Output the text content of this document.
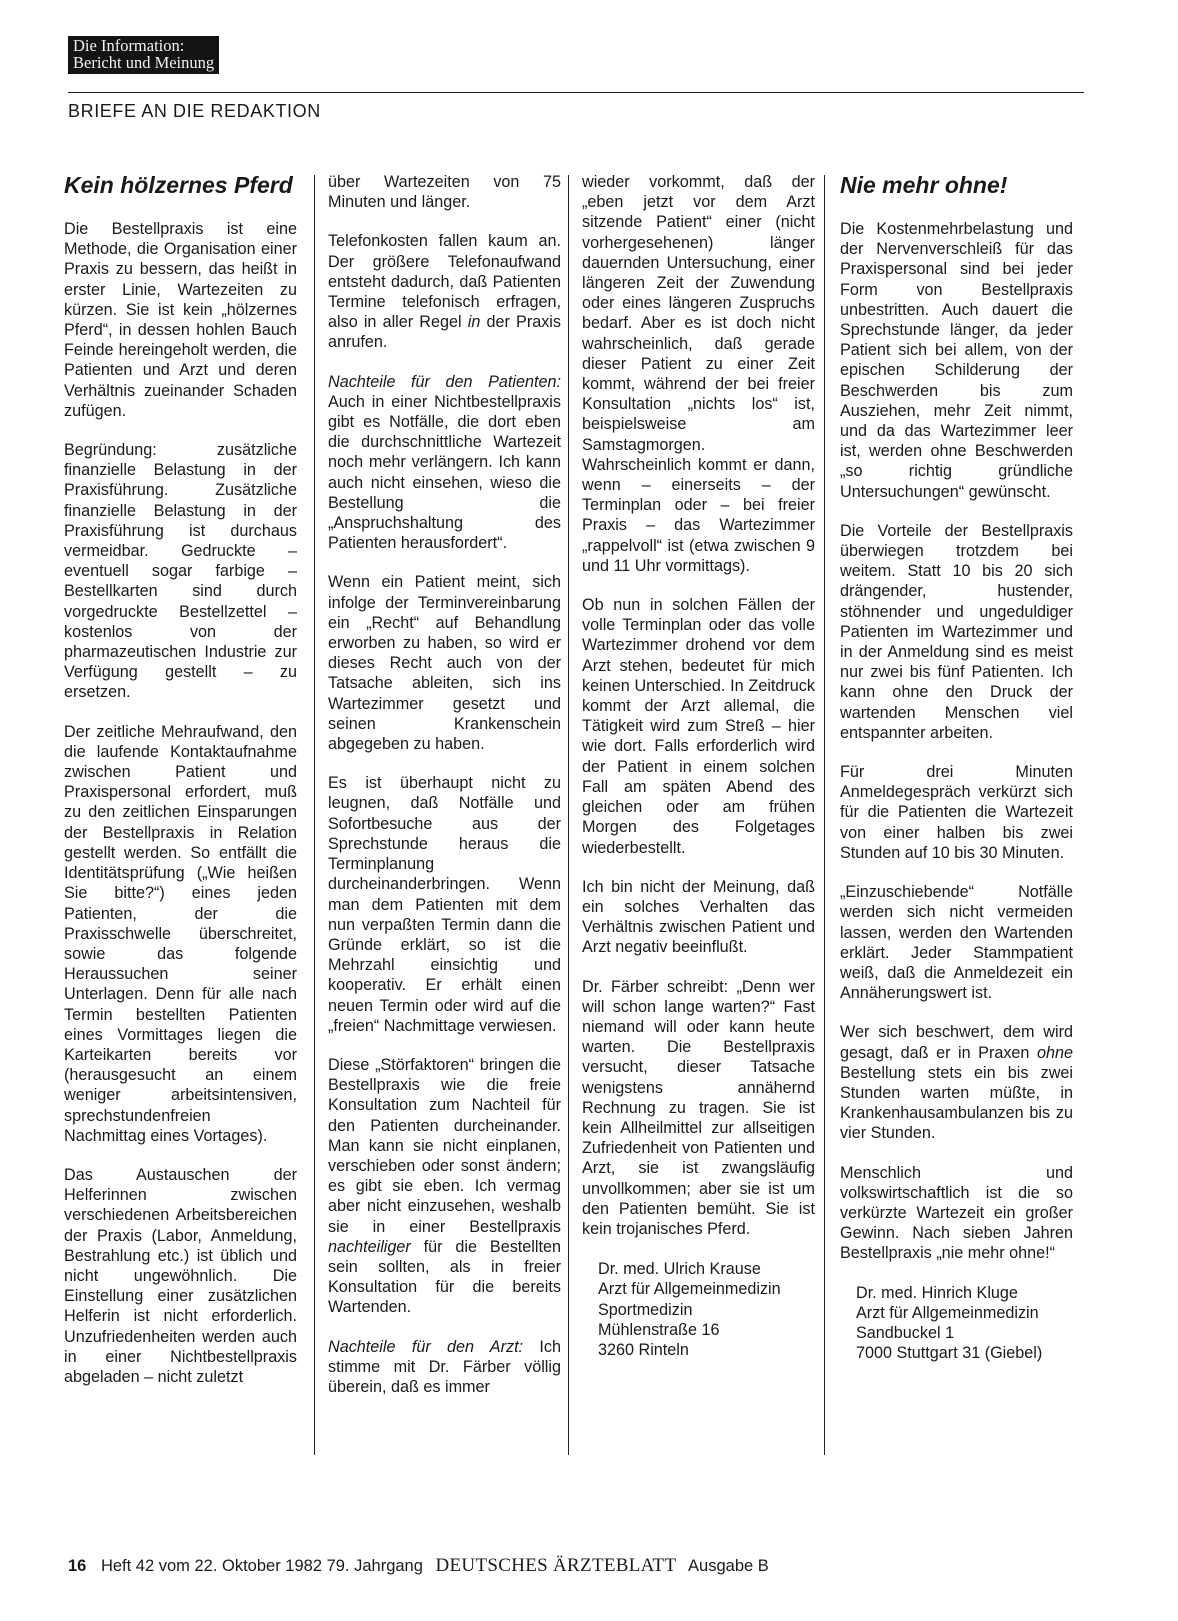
Die Information:
Bericht und Meinung
BRIEFE AN DIE REDAKTION
Kein hölzernes Pferd

Die Bestellpraxis ist eine Methode, die Organisation einer Praxis zu bessern, das heißt in erster Linie, Wartezeiten zu kürzen. Sie ist kein „hölzernes Pferd“, in dessen hohlen Bauch Feinde hereingeholt werden, die Patienten und Arzt und deren Verhältnis zueinander Schaden zufügen.

Begründung: zusätzliche finanzielle Belastung in der Praxisführung. Zusätzliche finanzielle Belastung in der Praxisführung ist durchaus vermeidbar. Gedruckte – eventuell sogar farbige – Bestellkarten sind durch vorgedruckte Bestellzettel – kostenlos von der pharmazeutischen Industrie zur Verfügung gestellt – zu ersetzen.

Der zeitliche Mehraufwand, den die laufende Kontaktaufnahme zwischen Patient und Praxispersonal erfordert, muß zu den zeitlichen Einsparungen der Bestellpraxis in Relation gestellt werden. So entfällt die Identitätsprüfung („Wie heißen Sie bitte?“) eines jeden Patienten, der die Praxisschwelle überschreitet, sowie das folgende Heraussuchen seiner Unterlagen. Denn für alle nach Termin bestellten Patienten eines Vormittages liegen die Karteikarten bereits vor (herausgesucht an einem weniger arbeitsintensiven, sprechstundenfreien Nachmittag eines Vortages).

Das Austauschen der Helferinnen zwischen verschiedenen Arbeitsbereichen der Praxis (Labor, Anmeldung, Bestrahlung etc.) ist üblich und nicht ungewöhnlich. Die Einstellung einer zusätzlichen Helferin ist nicht erforderlich. Unzufriedenheiten werden auch in einer Nichtbestellpraxis abgeladen – nicht zuletzt

über Wartezeiten von 75 Minuten und länger.

Telefonkosten fallen kaum an. Der größere Telefonaufwand entsteht dadurch, daß Patienten Termine telefonisch erfragen, also in aller Regel in der Praxis anrufen.

Nachteile für den Patienten: Auch in einer Nichtbestellpraxis gibt es Notfälle, die dort eben die durchschnittliche Wartezeit noch mehr verlängern. Ich kann auch nicht einsehen, wieso die Bestellung die „Anspruchshaltung des Patienten herausfordert“.

Wenn ein Patient meint, sich infolge der Terminvereinbarung ein „Recht“ auf Behandlung erworben zu haben, so wird er dieses Recht auch von der Tatsache ableiten, sich ins Wartezimmer gesetzt und seinen Krankenschein abgegeben zu haben.

Es ist überhaupt nicht zu leugnen, daß Notfälle und Sofortbesuche aus der Sprechstunde heraus die Terminplanung durcheinanderbringen. Wenn man dem Patienten mit dem nun verpaßten Termin dann die Gründe erklärt, so ist die Mehrzahl einsichtig und kooperativ. Er erhält einen neuen Termin oder wird auf die „freien“ Nachmittage verwiesen.

Diese „Störfaktoren“ bringen die Bestellpraxis wie die freie Konsultation zum Nachteil für den Patienten durcheinander. Man kann sie nicht einplanen, verschieben oder sonst ändern; es gibt sie eben. Ich vermag aber nicht einzusehen, weshalb sie in einer Bestellpraxis nachteiliger für die Bestellten sein sollten, als in freier Konsultation für die bereits Wartenden.

Nachteile für den Arzt: Ich stimme mit Dr. Färber völlig überein, daß es immer

wieder vorkommt, daß der „eben jetzt vor dem Arzt sitzende Patient“ einer (nicht vorhergesehenen) länger dauernden Untersuchung, einer längeren Zeit der Zuwendung oder eines längeren Zuspruchs bedarf. Aber es ist doch nicht wahrscheinlich, daß gerade dieser Patient zu einer Zeit kommt, während der bei freier Konsultation „nichts los“ ist, beispielsweise am Samstagmorgen. Wahrscheinlich kommt er dann, wenn – einerseits – der Terminplan oder – bei freier Praxis – das Wartezimmer „rappelvoll“ ist (etwa zwischen 9 und 11 Uhr vormittags).

Ob nun in solchen Fällen der volle Terminplan oder das volle Wartezimmer drohend vor dem Arzt stehen, bedeutet für mich keinen Unterschied. In Zeitdruck kommt der Arzt allemal, die Tätigkeit wird zum Streß – hier wie dort. Falls erforderlich wird der Patient in einem solchen Fall am späten Abend des gleichen oder am frühen Morgen des Folgetages wiederbestellt.

Ich bin nicht der Meinung, daß ein solches Verhalten das Verhältnis zwischen Patient und Arzt negativ beeinflußt.

Dr. Färber schreibt: „Denn wer will schon lange warten?“ Fast niemand will oder kann heute warten. Die Bestellpraxis versucht, dieser Tatsache wenigstens annähernd Rechnung zu tragen. Sie ist kein Allheilmittel zur allseitigen Zufriedenheit von Patienten und Arzt, sie ist zwangsläufig unvollkommen; aber sie ist um den Patienten bemüht. Sie ist kein trojanisches Pferd.

Dr. med. Ulrich Krause
Arzt für Allgemeinmedizin
Sportmedizin
Mühlenstraße 16
3260 Rinteln
Nie mehr ohne!

Die Kostenmehrbelastung und der Nervenverschleiß für das Praxispersonal sind bei jeder Form von Bestellpraxis unbestritten. Auch dauert die Sprechstunde länger, da jeder Patient sich bei allem, von der epischen Schilderung der Beschwerden bis zum Ausziehen, mehr Zeit nimmt, und da das Wartezimmer leer ist, werden ohne Beschwerden „so richtig gründliche Untersuchungen“ gewünscht.

Die Vorteile der Bestellpraxis überwiegen trotzdem bei weitem. Statt 10 bis 20 sich drängender, hustender, stöhnender und ungeduldiger Patienten im Wartezimmer und in der Anmeldung sind es meist nur zwei bis fünf Patienten. Ich kann ohne den Druck der wartenden Menschen viel entspannter arbeiten.

Für drei Minuten Anmeldegespräch verkürzt sich für die Patienten die Wartezeit von einer halben bis zwei Stunden auf 10 bis 30 Minuten.

„Einzuschiebende“ Notfälle werden sich nicht vermeiden lassen, werden den Wartenden erklärt. Jeder Stammpatient weiß, daß die Anmeldezeit ein Annäherungswert ist.

Wer sich beschwert, dem wird gesagt, daß er in Praxen ohne Bestellung stets ein bis zwei Stunden warten müßte, in Krankenhausambulanzen bis zu vier Stunden.

Menschlich und volkswirtschaftlich ist die so verkürzte Wartezeit ein großer Gewinn. Nach sieben Jahren Bestellpraxis „nie mehr ohne!“

Dr. med. Hinrich Kluge
Arzt für Allgemeinmedizin
Sandbuckel 1
7000 Stuttgart 31 (Giebel)
16 Heft 42 vom 22. Oktober 1982 79. Jahrgang DEUTSCHES ÄRZTEBLATT Ausgabe B
